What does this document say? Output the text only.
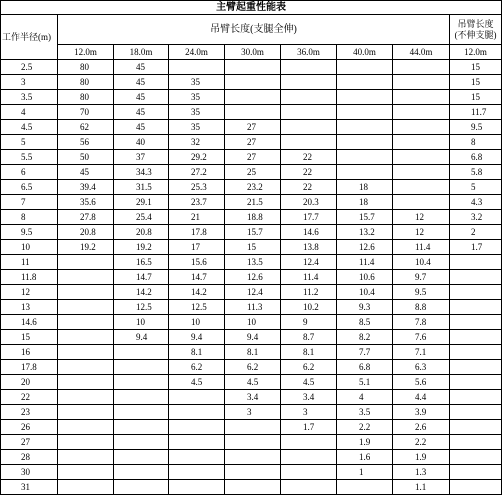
主臂起重性能表								
工作半径(m)	吊臂长度(支腿全伸)							吊臂长度
(不伸支腿)

	12.0m	18.0m	24.0m	30.0m	36.0m	40.0m	44.0m	12.0m
2.5	80	45						15
3	80	45	35					15
3.5	80	45	35					15
4	70	45	35					11.7
4.5	62	45	35	27				9.5
5	56	40	32	27				8
5.5	50	37	29.2	27	22			6.8
6	45	34.3	27.2	25	22			5.8
6.5	39.4	31.5	25.3	23.2	22	18		5
7	35.6	29.1	23.7	21.5	20.3	18		4.3
8	27.8	25.4	21	18.8	17.7	15.7	12	3.2
9.5	20.8	20.8	17.8	15.7	14.6	13.2	12	2
10	19.2	19.2	17	15	13.8	12.6	11.4	1.7
11		16.5	15.6	13.5	12.4	11.4	10.4	
11.8		14.7	14.7	12.6	11.4	10.6	9.7	
12		14.2	14.2	12.4	11.2	10.4	9.5	
13		12.5	12.5	11.3	10.2	9.3	8.8	
14.6		10	10	10	9	8.5	7.8	
15		9.4	9.4	9.4	8.7	8.2	7.6	
16			8.1	8.1	8.1	7.7	7.1	
17.8			6.2	6.2	6.2	6.8	6.3	
20			4.5	4.5	4.5	5.1	5.6	
22				3.4	3.4	4	4.4	
23				3	3	3.5	3.9	
26					1.7	2.2	2.6	
27						1.9	2.2	
28						1.6	1.9	
30						1	1.3	
31							1.1	
